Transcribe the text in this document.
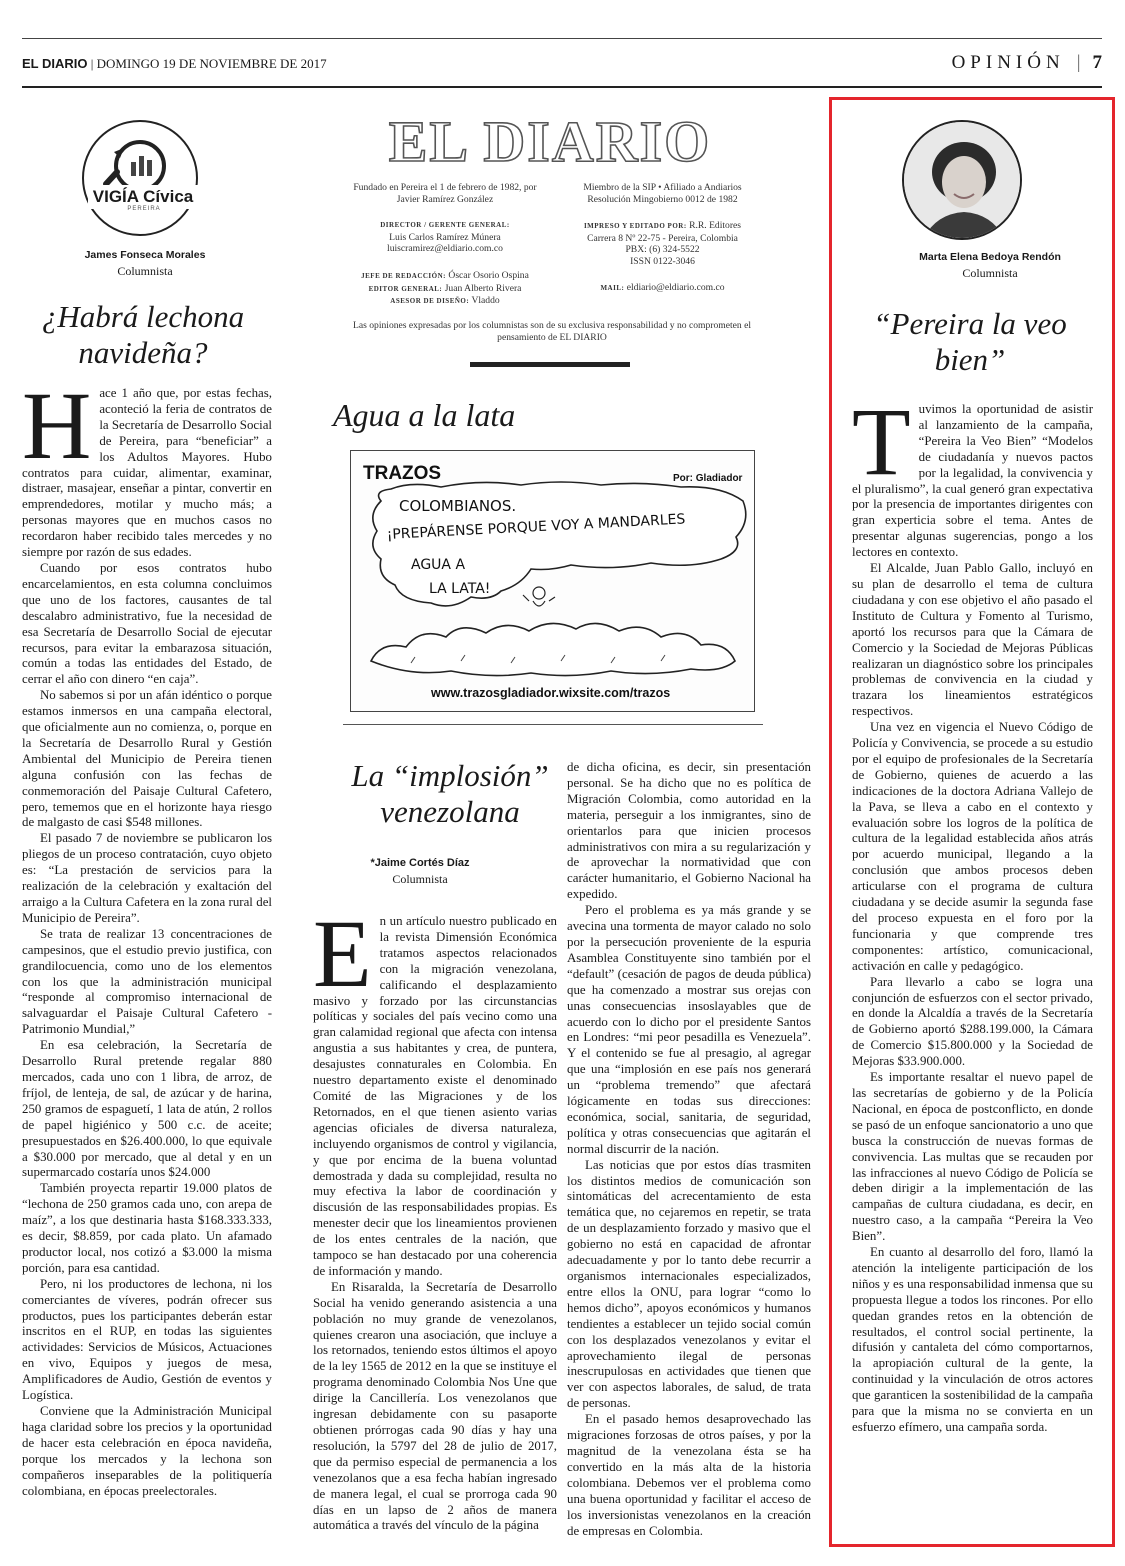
EL DIARIO | DOMINGO 19 DE NOVIEMBRE DE 2017	OPINIÓN | 7
VIGÍA Cívica
PEREIRA
James Fonseca Morales
Columnista
¿Habrá lechona navideña?

Hace 1 año que, por estas fechas, aconteció la feria de contratos de la Secretaría de Desarrollo Social de Pereira, para “beneficiar” a los Adultos Mayores. Hubo contratos para cuidar, alimentar, examinar, distraer, masajear, enseñar a pintar, convertir en emprendedores, motilar y mucho más; a personas mayores que en muchos casos no recordaron haber recibido tales mercedes y no siempre por razón de sus edades.

Cuando por esos contratos hubo encarcelamientos, en esta columna concluimos que uno de los factores, causantes de tal descalabro administrativo, fue la necesidad de esa Secretaría de Desarrollo Social de ejecutar recursos, para evitar la embarazosa situación, común a todas las entidades del Estado, de cerrar el año con dinero “en caja”.

No sabemos si por un afán idéntico o porque estamos inmersos en una campaña electoral, que oficialmente aun no comienza, o, porque en la Secretaría de Desarrollo Rural y Gestión Ambiental del Municipio de Pereira tienen alguna confusión con las fechas de conmemoración del Paisaje Cultural Cafetero, pero, tememos que en el horizonte haya riesgo de malgasto de casi $548 millones.

El pasado 7 de noviembre se publicaron los pliegos de un proceso contratación, cuyo objeto es: “La prestación de servicios para la realización de la celebración y exaltación del arraigo a la Cultura Cafetera en la zona rural del Municipio de Pereira”.

Se trata de realizar 13 concentraciones de campesinos, que el estudio previo justifica, con grandilocuencia, como uno de los elementos con los que la administración municipal “responde al compromiso internacional de salvaguardar el Paisaje Cultural Cafetero - Patrimonio Mundial,”

En esa celebración, la Secretaría de Desarrollo Rural pretende regalar 880 mercados, cada uno con 1 libra, de arroz, de fríjol, de lenteja, de sal, de azúcar y de harina, 250 gramos de espaguetí, 1 lata de atún, 2 rollos de papel higiénico y 500 c.c. de aceite; presupuestados en $26.400.000, lo que equivale a $30.000 por mercado, que al detal y en un supermarcado costaría unos $24.000

También proyecta repartir 19.000 platos de “lechona de 250 gramos cada uno, con arepa de maíz”, a los que destinaria hasta $168.333.333, es decir, $8.859, por cada plato. Un afamado productor local, nos cotizó a $3.000 la misma porción, para esa cantidad.

Pero, ni los productores de lechona, ni los comerciantes de víveres, podrán ofrecer sus productos, pues los participantes deberán estar inscritos en el RUP, en todas las siguientes actividades: Servicios de Músicos, Actuaciones en vivo, Equipos y juegos de mesa, Amplificadores de Audio, Gestión de eventos y Logística.

Conviene que la Administración Municipal haga claridad sobre los precios y la oportunidad de hacer esta celebración en época navideña, porque los mercados y la lechona son compañeros inseparables de la politiquería colombiana, en épocas preelectorales.

EL DIARIO
Fundado en Pereira el 1 de febrero de 1982, por Javier Ramírez González
Miembro de la SIP • Afiliado a Andiarios Resolución Mingobierno 0012 de 1982
DIRECTOR / GERENTE GENERAL:
Luis Carlos Ramírez Múnera
luiscramirez@eldiario.com.co
IMPRESO Y EDITADO POR: R.R. Editores
Carrera 8 Nº 22-75 - Pereira, Colombia
PBX: (6) 324-5522
ISSN 0122-3046
JEFE DE REDACCIÓN: Óscar Osorio Ospina
EDITOR GENERAL: Juan Alberto Rivera
ASESOR DE DISEÑO: Vladdo
MAIL: eldiario@eldiario.com.co
Las opiniones expresadas por los columnistas son de su exclusiva responsabilidad y no comprometen el pensamiento de EL DIARIO
Agua a la lata
TRAZOS	Por: Gladiador
COLOMBIANOS.
¡PREPÁRENSE PORQUE VOY A MANDARLES
AGUA A
LA LATA!
www.trazosgladiador.wixsite.com/trazos
La “implosión” venezolana
*Jaime Cortés Díaz
Columnista

En un artículo nuestro publicado en la revista Dimensión Económica tratamos aspectos relacionados con la migración venezolana, calificando el desplazamiento masivo y forzado por las circunstancias políticas y sociales del país vecino como una gran calamidad regional que afecta con intensa angustia a sus habitantes y crea, de puntera, desajustes connaturales en Colombia. En nuestro departamento existe el denominado Comité de las Migraciones y de los Retornados, en el que tienen asiento varias agencias oficiales de diversa naturaleza, incluyendo organismos de control y vigilancia, y que por encima de la buena voluntad demostrada y dada su complejidad, resulta no muy efectiva la labor de coordinación y discusión de las responsabilidades propias. Es menester decir que los lineamientos provienen de los entes centrales de la nación, que tampoco se han destacado por una coherencia de información y mando.

En Risaralda, la Secretaría de Desarrollo Social ha venido generando asistencia a una población no muy grande de venezolanos, quienes crearon una asociación, que incluye a los retornados, teniendo estos últimos el apoyo de la ley 1565 de 2012 en la que se instituye el programa denominado Colombia Nos Une que dirige la Cancillería. Los venezolanos que ingresan debidamente con su pasaporte obtienen prórrogas cada 90 días y hay una resolución, la 5797 del 28 de julio de 2017, que da permiso especial de permanencia a los venezolanos que a esa fecha habían ingresado de manera legal, el cual se prorroga cada 90 días en un lapso de 2 años de manera automática a través del vínculo de la página

de dicha oficina, es decir, sin presentación personal. Se ha dicho que no es política de Migración Colombia, como autoridad en la materia, perseguir a los inmigrantes, sino de orientarlos para que inicien procesos administrativos con mira a su regularización y de aprovechar la normatividad que con carácter humanitario, el Gobierno Nacional ha expedido.

Pero el problema es ya más grande y se avecina una tormenta de mayor calado no solo por la persecución proveniente de la espuria Asamblea Constituyente sino también por el “default” (cesación de pagos de deuda pública) que ha comenzado a mostrar sus orejas con unas consecuencias insoslayables que de acuerdo con lo dicho por el presidente Santos en Londres: “mi peor pesadilla es Venezuela”. Y el contenido se fue al presagio, al agregar que una “implosión en ese país nos generará un “problema tremendo” que afectará lógicamente en todas sus direcciones: económica, social, sanitaria, de seguridad, política y otras consecuencias que agitarán el normal discurrir de la nación.

Las noticias que por estos días trasmiten los distintos medios de comunicación son sintomáticas del acrecentamiento de esta temática que, no cejaremos en repetir, se trata de un desplazamiento forzado y masivo que el gobierno no está en capacidad de afrontar adecuadamente y por lo tanto debe recurrir a organismos internacionales especializados, entre ellos la ONU, para lograr “como lo hemos dicho”, apoyos económicos y humanos tendientes a establecer un tejido social común con los desplazados venezolanos y evitar el aprovechamiento ilegal de personas inescrupulosas en actividades que tienen que ver con aspectos laborales, de salud, de trata de personas.

En el pasado hemos desaprovechado las migraciones forzosas de otros países, y por la magnitud de la venezolana ésta se ha convertido en la más alta de la historia colombiana. Debemos ver el problema como una buena oportunidad y facilitar el acceso de los inversionistas venezolanos en la creación de empresas en Colombia.

Marta Elena Bedoya Rendón
Columnista
“Pereira la veo bien”

Tuvimos la oportunidad de asistir al lanzamiento de la campaña, “Pereira la Veo Bien” “Modelos de ciudadanía y nuevos pactos por la legalidad, la convivencia y el pluralismo”, la cual generó gran expectativa por la presencia de importantes dirigentes con gran experticia sobre el tema. Antes de presentar algunas sugerencias, pongo a los lectores en contexto.

El Alcalde, Juan Pablo Gallo, incluyó en su plan de desarrollo el tema de cultura ciudadana y con ese objetivo el año pasado el Instituto de Cultura y Fomento al Turismo, aportó los recursos para que la Cámara de Comercio y la Sociedad de Mejoras Públicas realizaran un diagnóstico sobre los principales problemas de convivencia en la ciudad y trazara los lineamientos estratégicos respectivos.

Una vez en vigencia el Nuevo Código de Policía y Convivencia, se procede a su estudio por el equipo de profesionales de la Secretaría de Gobierno, quienes de acuerdo a las indicaciones de la doctora Adriana Vallejo de la Pava, se lleva a cabo en el contexto y evaluación sobre los logros de la política de cultura de la legalidad establecida años atrás por acuerdo municipal, llegando a la conclusión que ambos procesos deben articularse con el programa de cultura ciudadana y se decide asumir la segunda fase del proceso expuesta en el foro por la funcionaria y que comprende tres componentes: artístico, comunicacional, activación en calle y pedagógico.

Para llevarlo a cabo se logra una conjunción de esfuerzos con el sector privado, en donde la Alcaldía a través de la Secretaría de Gobierno aportó $288.199.000, la Cámara de Comercio $15.800.000 y la Sociedad de Mejoras $33.900.000.

Es importante resaltar el nuevo papel de las secretarías de gobierno y de la Policía Nacional, en época de postconflicto, en donde se pasó de un enfoque sancionatorio a uno que busca la construcción de nuevas formas de convivencia. Las multas que se recauden por las infracciones al nuevo Código de Policía se deben dirigir a la implementación de las campañas de cultura ciudadana, es decir, en nuestro caso, a la campaña “Pereira la Veo Bien”.

En cuanto al desarrollo del foro, llamó la atención la inteligente participación de los niños y es una responsabilidad inmensa que su propuesta llegue a todos los rincones. Por ello quedan grandes retos en la obtención de resultados, el control social pertinente, la difusión y cantaleta del cómo comportarnos, la apropiación cultural de la gente, la continuidad y la vinculación de otros actores que garanticen la sostenibilidad de la campaña para que la misma no se convierta en un esfuerzo efímero, una campaña sorda.
